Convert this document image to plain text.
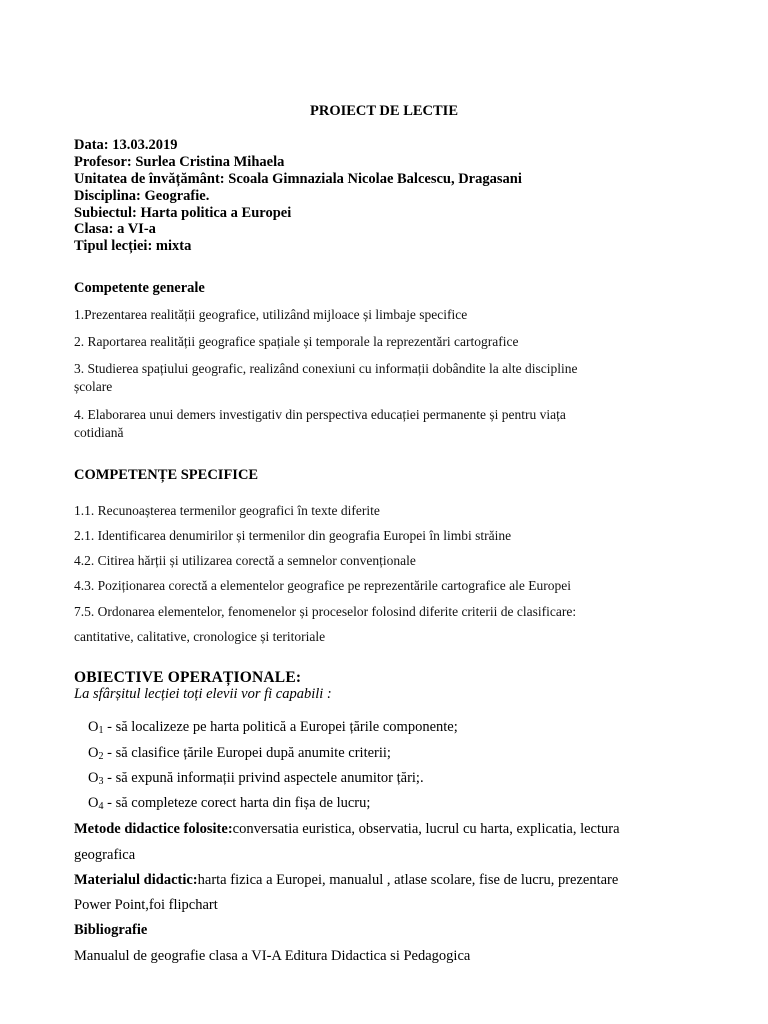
PROIECT DE LECTIE
Data: 13.03.2019
Profesor: Surlea Cristina Mihaela
Unitatea de învățământ: Scoala Gimnaziala Nicolae Balcescu, Dragasani
Disciplina: Geografie.
Subiectul: Harta politica a Europei
Clasa: a VI-a
Tipul lecției: mixta
Competente generale
1.Prezentarea realității geografice, utilizând mijloace și limbaje specifice
2. Raportarea realității geografice spațiale și temporale la reprezentări cartografice
3. Studierea spațiului geografic, realizând conexiuni cu informații dobândite la alte discipline
școlare
4. Elaborarea unui demers investigativ din perspectiva educației permanente și pentru viața
cotidiană
COMPETENȚE SPECIFICE
1.1. Recunoașterea termenilor geografici în texte diferite
2.1. Identificarea denumirilor și termenilor din geografia Europei în limbi străine
4.2. Citirea hărții și utilizarea corectă a semnelor convenționale
4.3. Poziționarea corectă a elementelor geografice pe reprezentările cartografice ale Europei
7.5. Ordonarea elementelor, fenomenelor și proceselor folosind diferite criterii de clasificare:
cantitative, calitative, cronologice și teritoriale
OBIECTIVE OPERAȚIONALE:
La sfârșitul lecției toți elevii vor fi capabili :
$O_1$ - să localizeze pe harta politică a Europei țările componente;
$O_2$ - să clasifice țările Europei după anumite criterii;
$O_3$ - să expună informații privind aspectele anumitor țări;.
$O_4$ - să completeze corect harta din fișa de lucru;
Metode didactice folosite:conversatia euristica, observatia, lucrul cu harta, explicatia, lectura
geografica
Materialul didactic:harta fizica a Europei, manualul , atlase scolare, fise de lucru, prezentare
Power Point,foi flipchart
Bibliografie
Manualul de geografie clasa a VI-A Editura Didactica si Pedagogica
